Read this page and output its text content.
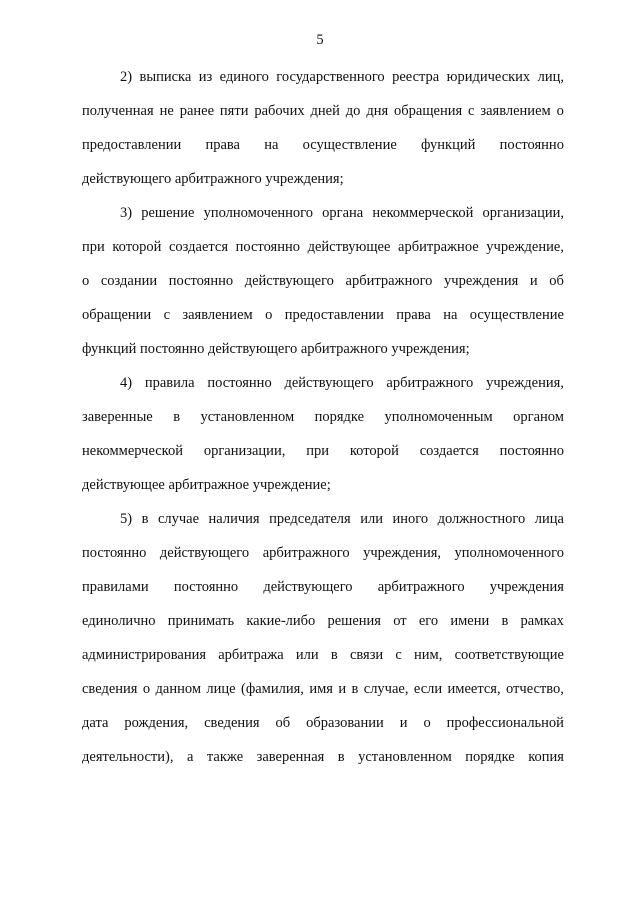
5
2) выписка из единого государственного реестра юридических лиц,
полученная не ранее пяти рабочих дней до дня обращения с заявлением о
предоставлении права на осуществление функций постоянно
действующего арбитражного учреждения;
3) решение уполномоченного органа некоммерческой организации,
при которой создается постоянно действующее арбитражное учреждение,
о создании постоянно действующего арбитражного учреждения и об
обращении с заявлением о предоставлении права на осуществление
функций постоянно действующего арбитражного учреждения;
4) правила постоянно действующего арбитражного учреждения,
заверенные в установленном порядке уполномоченным органом
некоммерческой организации, при которой создается постоянно
действующее арбитражное учреждение;
5) в случае наличия председателя или иного должностного лица
постоянно действующего арбитражного учреждения, уполномоченного
правилами постоянно действующего арбитражного учреждения
единолично принимать какие-либо решения от его имени в рамках
администрирования арбитража или в связи с ним, соответствующие
сведения о данном лице (фамилия, имя и в случае, если имеется, отчество,
дата рождения, сведения об образовании и о профессиональной
деятельности), а также заверенная в установленном порядке копия
